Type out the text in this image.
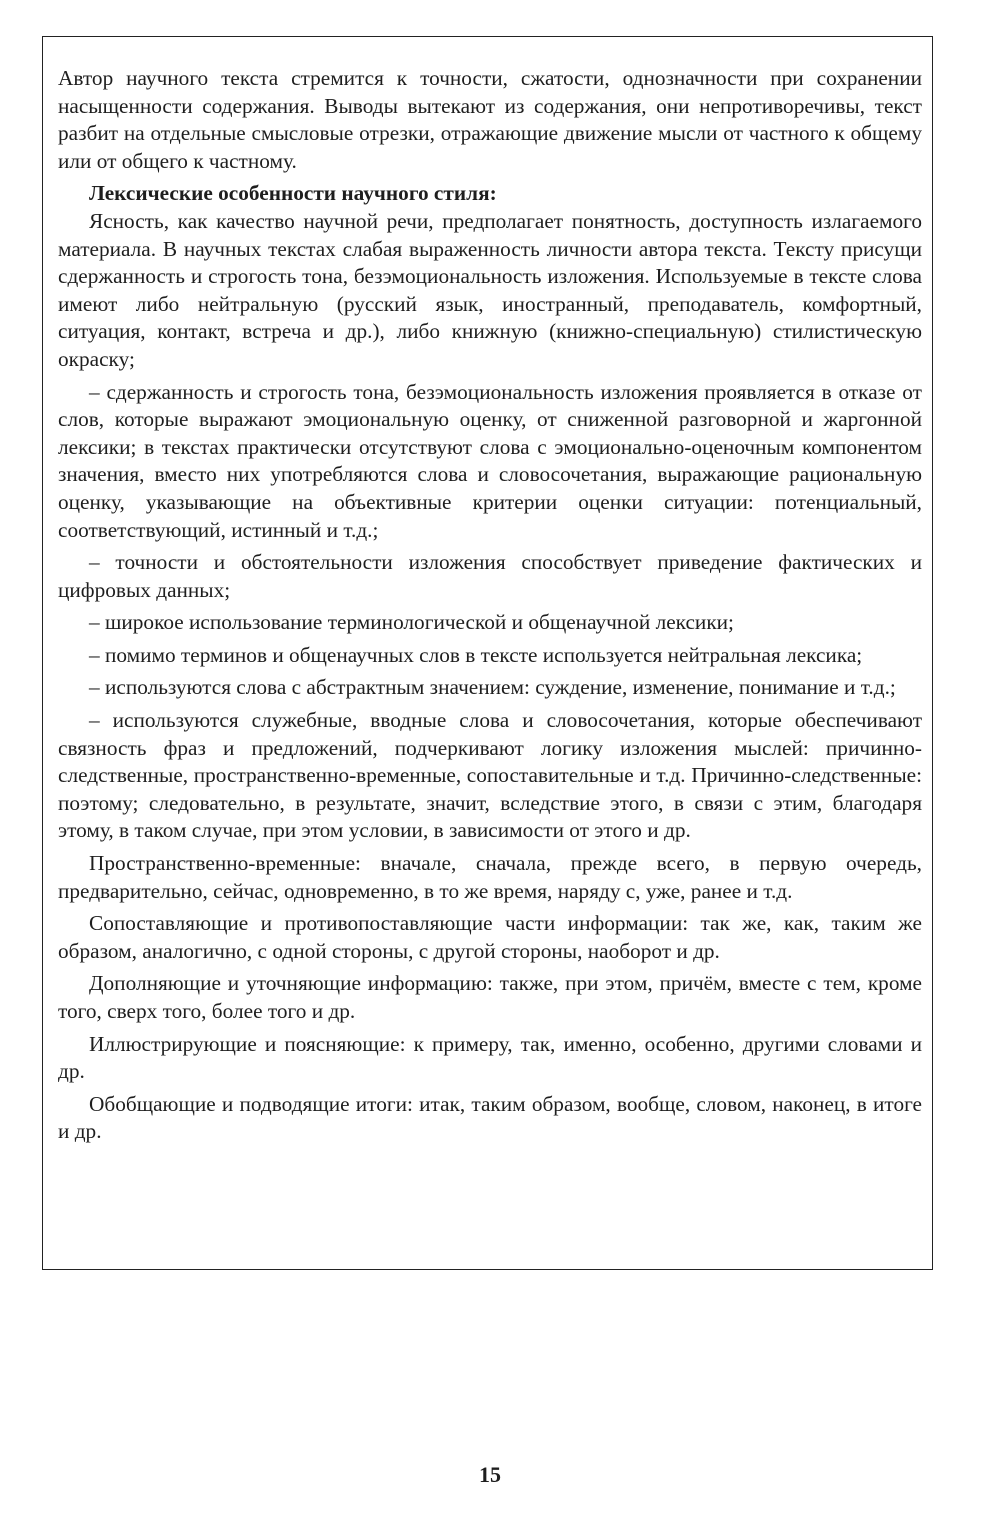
Автор научного текста стремится к точности, сжатости, однозначности при сохранении насыщенности содержания. Выводы вытекают из содержания, они непротиворечивы, текст разбит на отдельные смысловые отрезки, отражающие движение мысли от частного к общему или от общего к частному.

Лексические особенности научного стиля:

Ясность, как качество научной речи, предполагает понятность, доступность излагаемого материала. В научных текстах слабая выраженность личности автора текста. Тексту присущи сдержанность и строгость тона, безэмоциональность изложения. Используемые в тексте слова имеют либо нейтральную (русский язык, иностранный, преподаватель, комфортный, ситуация, контакт, встреча и др.), либо книжную (книжно-специальную) стилистическую окраску;

– сдержанность и строгость тона, безэмоциональность изложения проявляется в отказе от слов, которые выражают эмоциональную оценку, от сниженной разговорной и жаргонной лексики; в текстах практически отсутствуют слова с эмоционально-оценочным компонентом значения, вместо них употребляются слова и словосочетания, выражающие рациональную оценку, указывающие на объективные критерии оценки ситуации: потенциальный, соответствующий, истинный и т.д.;

– точности и обстоятельности изложения способствует приведение фактических и цифровых данных;

– широкое использование терминологической и общенаучной лексики;

– помимо терминов и общенаучных слов в тексте используется нейтральная лексика;

– используются слова с абстрактным значением: суждение, изменение, понимание и т.д.;

– используются служебные, вводные слова и словосочетания, которые обеспечивают связность фраз и предложений, подчеркивают логику изложения мыслей: причинно-следственные, пространственно-временные, сопоставительные и т.д. Причинно-следственные: поэтому; следовательно, в результате, значит, вследствие этого, в связи с этим, благодаря этому, в таком случае, при этом условии, в зависимости от этого и др.

Пространственно-временные: вначале, сначала, прежде всего, в первую очередь, предварительно, сейчас, одновременно, в то же время, наряду с, уже, ранее и т.д.

Сопоставляющие и противопоставляющие части информации: так же, как, таким же образом, аналогично, с одной стороны, с другой стороны, наоборот и др.

Дополняющие и уточняющие информацию: также, при этом, причём, вместе с тем, кроме того, сверх того, более того и др.

Иллюстрирующие и поясняющие: к примеру, так, именно, особенно, другими словами и др.

Обобщающие и подводящие итоги: итак, таким образом, вообще, словом, наконец, в итоге и др.

15
